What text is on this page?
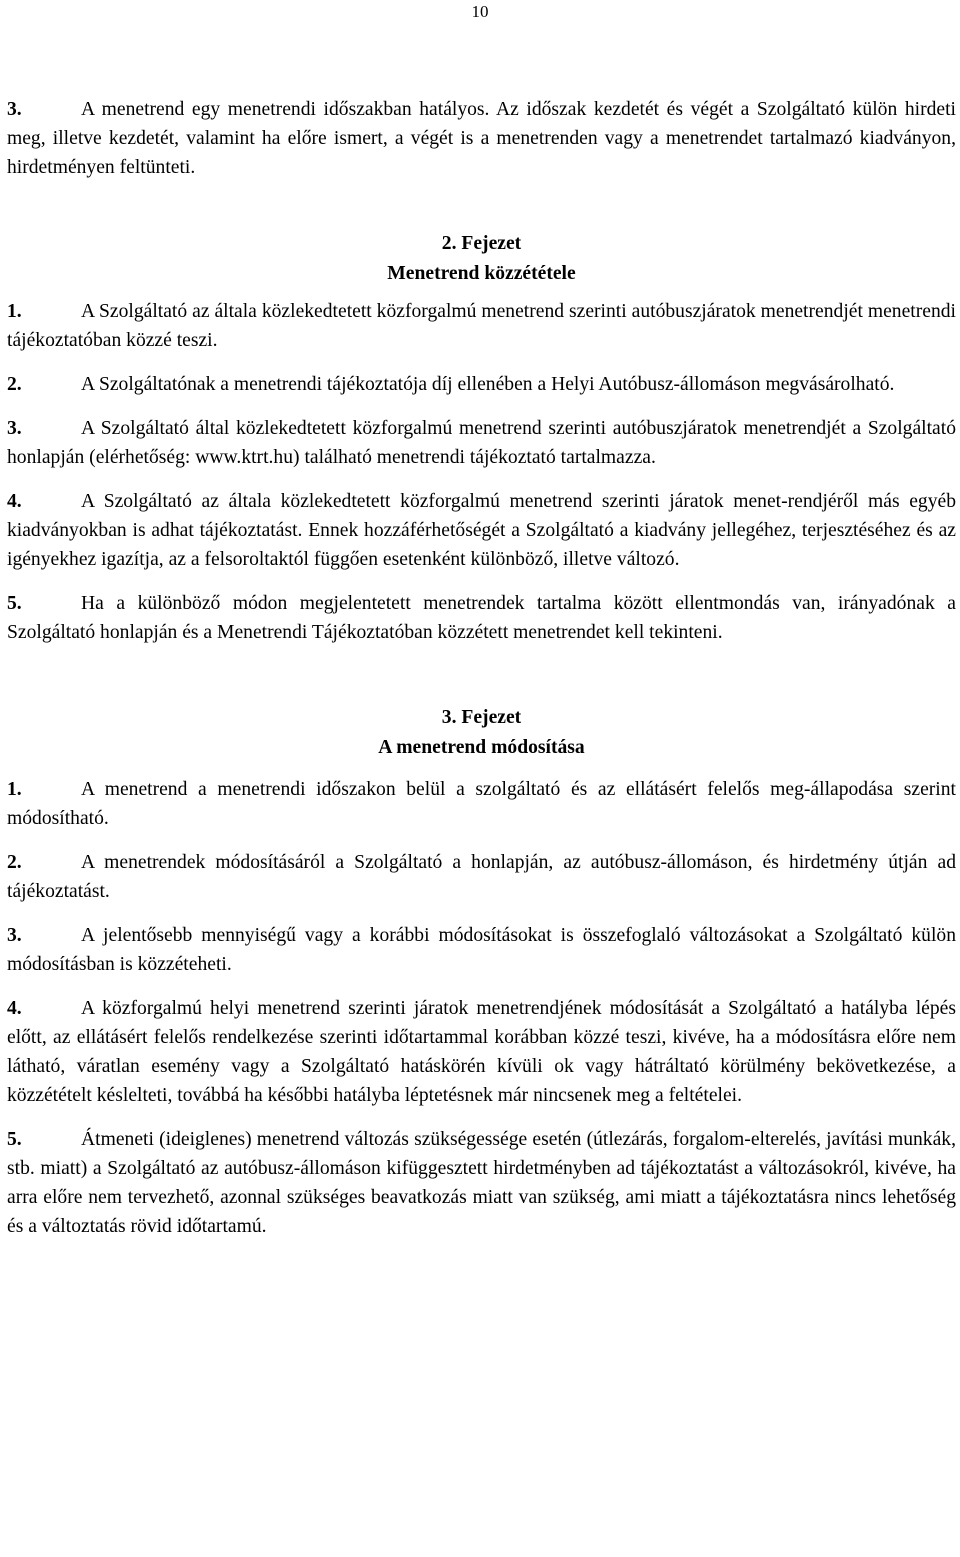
10

3.	A menetrend egy menetrendi időszakban hatályos. Az időszak kezdetét és végét a Szolgáltató külön hirdeti meg, illetve kezdetét, valamint ha előre ismert, a végét is a menetrenden vagy a menetrendet tartalmazó kiadványon, hirdetményen feltünteti.

2. Fejezet

Menetrend közzététele

1.	A Szolgáltató az általa közlekedtetett közforgalmú menetrend szerinti autóbuszjáratok menetrendjét menetrendi tájékoztatóban közzé teszi.

2.	A Szolgáltatónak a menetrendi tájékoztatója díj ellenében a Helyi Autóbusz-állomáson megvásárolható.

3.	A Szolgáltató által közlekedtetett közforgalmú menetrend szerinti autóbuszjáratok menetrendjét a Szolgáltató honlapján (elérhetőség: www.ktrt.hu) található menetrendi tájékoztató tartalmazza.

4.	A Szolgáltató az általa közlekedtetett közforgalmú menetrend szerinti járatok menet-rendjéről más egyéb kiadványokban is adhat tájékoztatást. Ennek hozzáférhetőségét a Szolgáltató a kiadvány jellegéhez, terjesztéséhez és az igényekhez igazítja, az a felsoroltaktól függően esetenként különböző, illetve változó.

5.	Ha a különböző módon megjelentetett menetrendek tartalma között ellentmondás van, irányadónak a Szolgáltató honlapján és a Menetrendi Tájékoztatóban közzétett menetrendet kell tekinteni.

3. Fejezet

A menetrend módosítása

1.	A menetrend a menetrendi időszakon belül a szolgáltató és az ellátásért felelős meg-állapodása szerint módosítható.

2.	A menetrendek módosításáról a Szolgáltató a honlapján, az autóbusz-állomáson, és hirdetmény útján ad tájékoztatást.

3.	A jelentősebb mennyiségű vagy a korábbi módosításokat is összefoglaló változásokat a Szolgáltató külön módosításban is közzéteheti.

4.	A közforgalmú helyi menetrend szerinti járatok menetrendjének módosítását a Szolgáltató a hatályba lépés előtt, az ellátásért felelős rendelkezése szerinti időtartammal korábban közzé teszi, kivéve, ha a módosításra előre nem látható, váratlan esemény vagy a Szolgáltató hatáskörén kívüli ok vagy hátráltató körülmény bekövetkezése, a közzétételt késlelteti, továbbá ha későbbi hatályba léptetésnek már nincsenek meg a feltételei.

5.	Átmeneti (ideiglenes) menetrend változás szükségessége esetén (útlezárás, forgalom-elterelés, javítási munkák, stb. miatt) a Szolgáltató az autóbusz-állomáson kifüggesztett hirdetményben ad tájékoztatást a változásokról, kivéve, ha arra előre nem tervezhető, azonnal szükséges beavatkozás miatt van szükség, ami miatt a tájékoztatásra nincs lehetőség és a változtatás rövid időtartamú.
